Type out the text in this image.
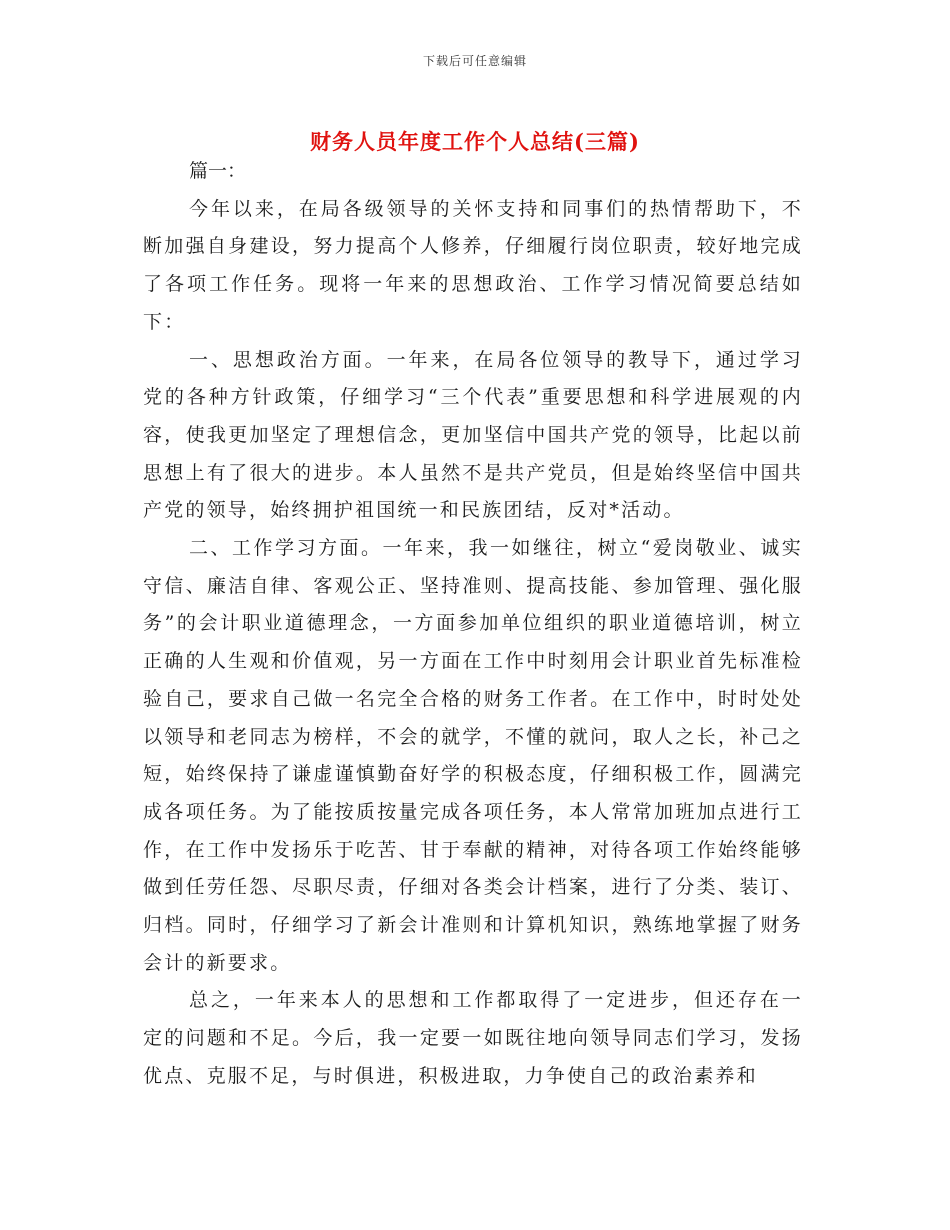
下载后可任意编辑
财务人员年度工作个人总结(三篇)

篇一：

今年以来，在局各级领导的关怀支持和同事们的热情帮助下，不断加强自身建设，努力提高个人修养，仔细履行岗位职责，较好地完成了各项工作任务。现将一年来的思想政治、工作学习情况简要总结如下：

一、思想政治方面。一年来，在局各位领导的教导下，通过学习党的各种方针政策，仔细学习“三个代表”重要思想和科学进展观的内容，使我更加坚定了理想信念，更加坚信中国共产党的领导，比起以前思想上有了很大的进步。本人虽然不是共产党员，但是始终坚信中国共产党的领导，始终拥护祖国统一和民族团结，反对*活动。

二、工作学习方面。一年来，我一如继往，树立“爱岗敬业、诚实守信、廉洁自律、客观公正、坚持准则、提高技能、参加管理、强化服务”的会计职业道德理念，一方面参加单位组织的职业道德培训，树立正确的人生观和价值观，另一方面在工作中时刻用会计职业首先标准检验自己，要求自己做一名完全合格的财务工作者。在工作中，时时处处以领导和老同志为榜样，不会的就学，不懂的就问，取人之长，补己之短，始终保持了谦虚谨慎勤奋好学的积极态度，仔细积极工作，圆满完成各项任务。为了能按质按量完成各项任务，本人常常加班加点进行工作，在工作中发扬乐于吃苦、甘于奉献的精神，对待各项工作始终能够做到任劳任怨、尽职尽责，仔细对各类会计档案，进行了分类、装订、归档。同时，仔细学习了新会计准则和计算机知识，熟练地掌握了财务会计的新要求。

总之，一年来本人的思想和工作都取得了一定进步，但还存在一定的问题和不足。今后，我一定要一如既往地向领导同志们学习，发扬优点、克服不足，与时俱进，积极进取，力争使自己的政治素养和
